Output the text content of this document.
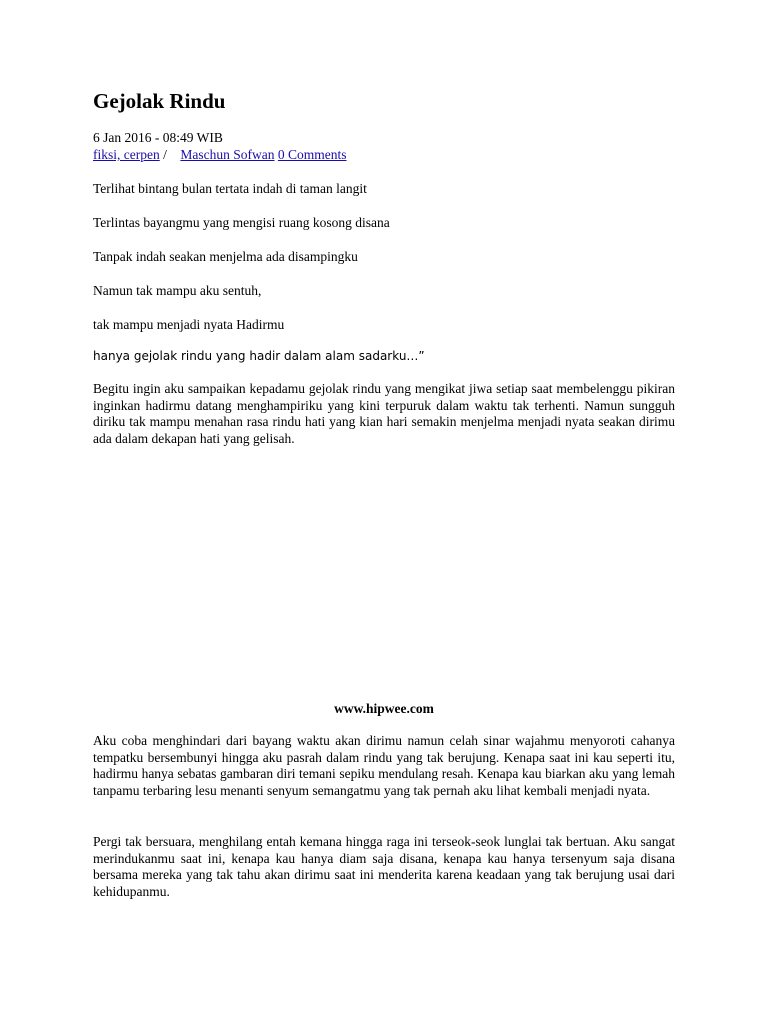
Gejolak Rindu
6 Jan 2016 - 08:49 WIB
fiksi, cerpen / Maschun Sofwan 0 Comments

Terlihat bintang bulan tertata indah di taman langit

Terlintas bayangmu yang mengisi ruang kosong disana

Tanpak indah seakan menjelma ada disampingku

Namun tak mampu aku sentuh,

tak mampu menjadi nyata Hadirmu

hanya gejolak rindu yang hadir dalam alam sadarku…”

Begitu ingin aku sampaikan kepadamu gejolak rindu yang mengikat jiwa setiap saat membelenggu pikiran inginkan hadirmu datang menghampiriku yang kini terpuruk dalam waktu tak terhenti. Namun sungguh diriku tak mampu menahan rasa rindu hati yang kian hari semakin menjelma menjadi nyata seakan dirimu ada dalam dekapan hati yang gelisah.

www.hipwee.com

Aku coba menghindari dari bayang waktu akan dirimu namun celah sinar wajahmu menyoroti cahanya tempatku bersembunyi hingga aku pasrah dalam rindu yang tak berujung. Kenapa saat ini kau seperti itu, hadirmu hanya sebatas gambaran diri temani sepiku mendulang resah. Kenapa kau biarkan aku yang lemah tanpamu terbaring lesu menanti senyum semangatmu yang tak pernah aku lihat kembali menjadi nyata.

Pergi tak bersuara, menghilang entah kemana hingga raga ini terseok-seok lunglai tak bertuan. Aku sangat merindukanmu saat ini, kenapa kau hanya diam saja disana, kenapa kau hanya tersenyum saja disana bersama mereka yang tak tahu akan dirimu saat ini menderita karena keadaan yang tak berujung usai dari kehidupanmu.
